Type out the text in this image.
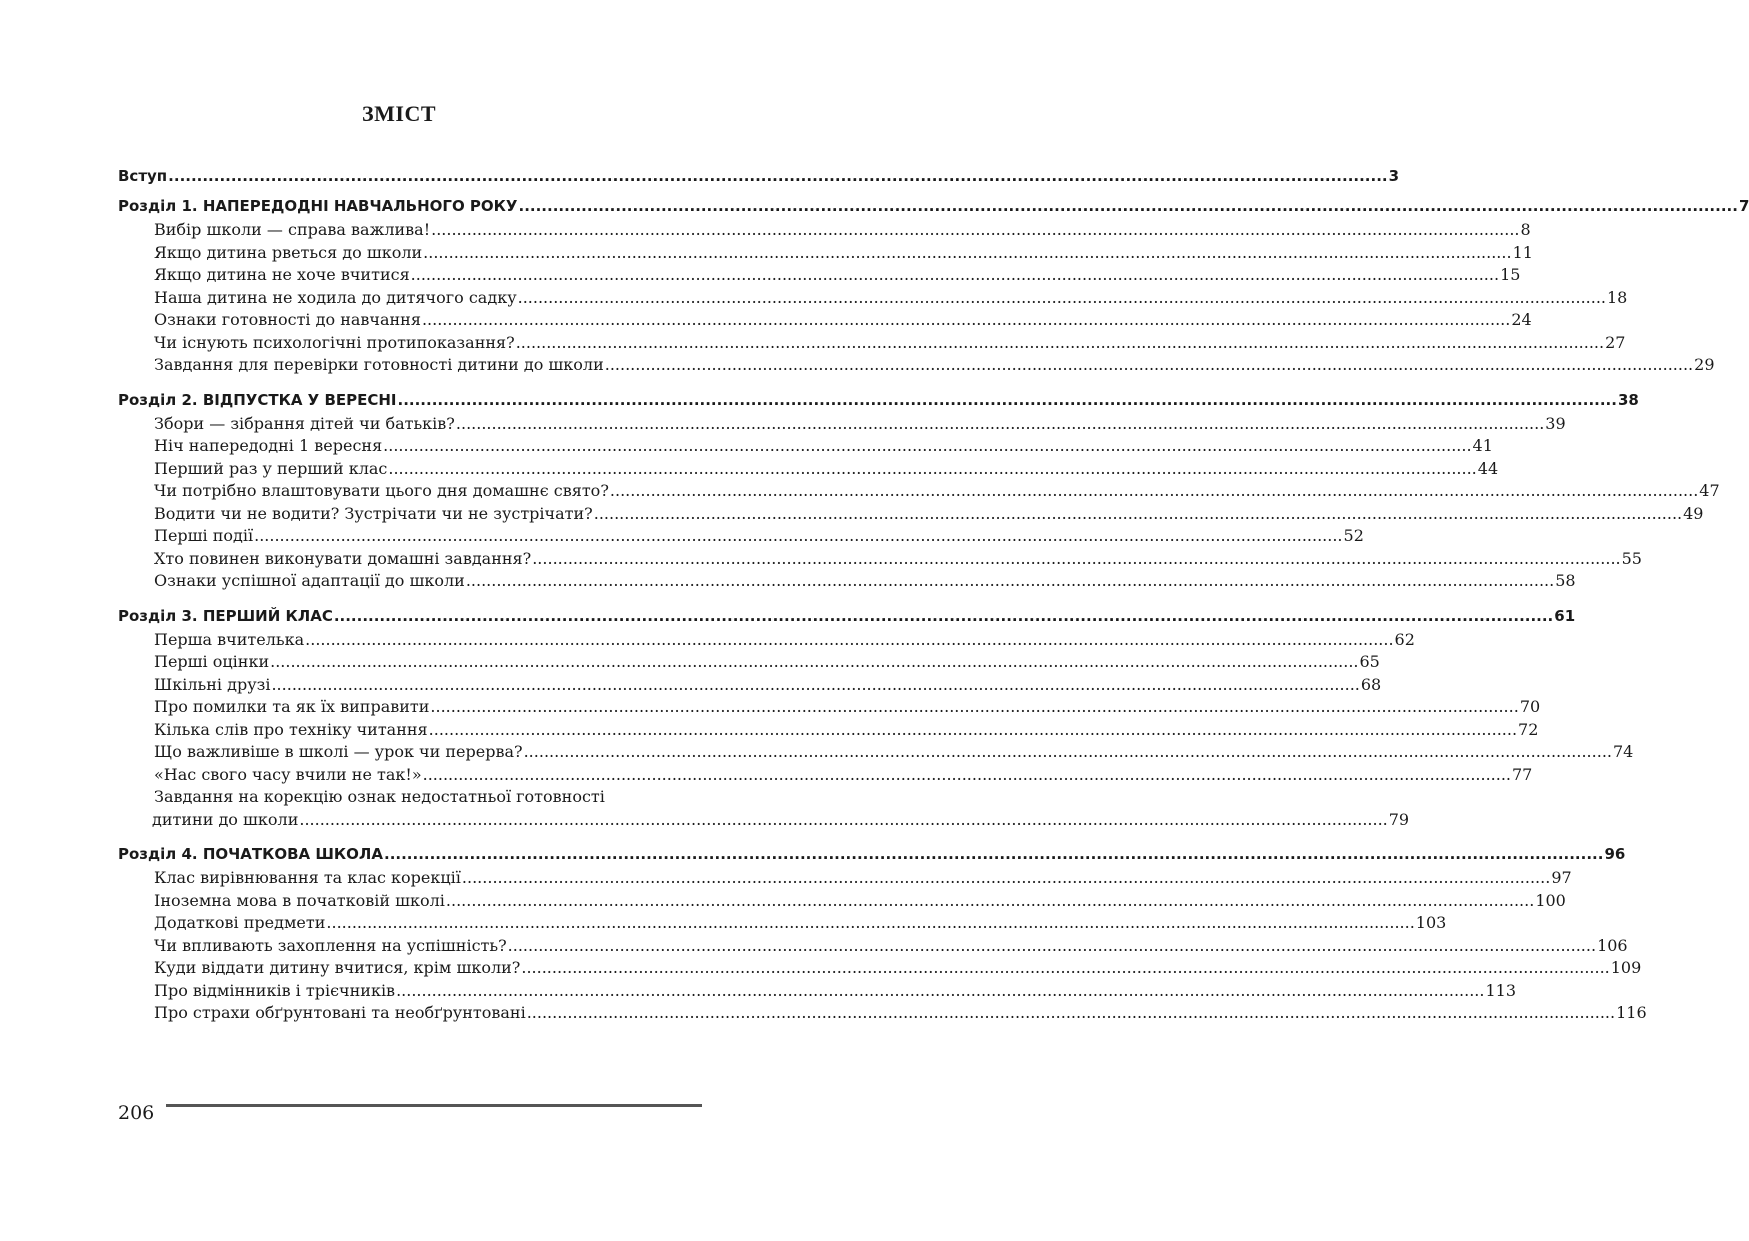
ЗМІСТ
Вступ .....	3
Розділ 1. НАПЕРЕДОДНІ НАВЧАЛЬНОГО РОКУ .....	7
Вибір школи — справа важлива! .....	8
Якщо дитина рветься до школи .....	11
Якщо дитина не хоче вчитися .....	15
Наша дитина не ходила до дитячого садку .....	18
Ознаки готовності до навчання .....	24
Чи існують психологічні протипоказання? .....	27
Завдання для перевірки готовності дитини до школи .....	29
Розділ 2. ВІДПУСТКА У ВЕРЕСНІ .....	38
Збори — зібрання дітей чи батьків? .....	39
Ніч напередодні 1 вересня .....	41
Перший раз у перший клас .....	44
Чи потрібно влаштовувати цього дня домашнє свято? .....	47
Водити чи не водити? Зустрічати чи не зустрічати? .....	49
Перші події .....	52
Хто повинен виконувати домашні завдання? .....	55
Ознаки успішної адаптації до школи .....	58
Розділ 3. ПЕРШИЙ КЛАС .....	61
Перша вчителька .....	62
Перші оцінки .....	65
Шкільні друзі .....	68
Про помилки та як їх виправити .....	70
Кілька слів про техніку читання .....	72
Що важливіше в школі — урок чи перерва? .....	74
«Нас свого часу вчили не так!» .....	77
Завдання на корекцію ознак недостатньої готовності
дитини до школи .....	79
Розділ 4. ПОЧАТКОВА ШКОЛА .....	96
Клас вирівнювання та клас корекції .....	97
Іноземна мова в початковій школі .....	100
Додаткові предмети .....	103
Чи впливають захоплення на успішність? .....	106
Куди віддати дитину вчитися, крім школи? .....	109
Про відмінників і трієчників .....	113
Про страхи обґрунтовані та необґрунтовані .....	116
206
